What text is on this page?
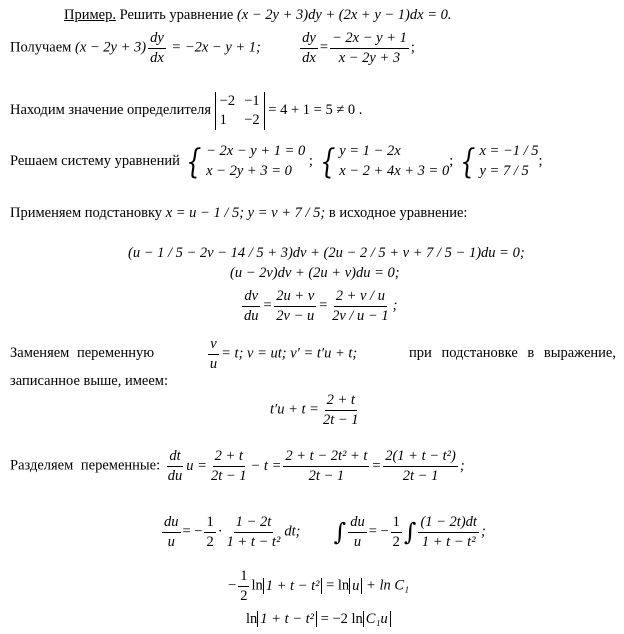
Пример. Решить уравнение (x − 2y + 3)dy + (2x + y − 1)dx = 0.
Получаем $(x - 2y + 3) \frac{dy}{dx} = -2x - y + 1$;	$\frac{dy}{dx} = \frac{- 2x - y + 1}{x - 2y + 3}$ ;
Находим значение определителя
−2 −1
1 −2
= 4 + 1 = 5 ≠ 0 .
Решаем систему уравнений { − 2x − y + 1 = 0
x − 2y + 3 = 0
; { y = 1 − 2x
x − 2 + 4x + 3 = 0
; { x = −1 / 5
y = 7 / 5
;
Применяем подстановку x = u − 1 / 5; y = v + 7 / 5; в исходное уравнение:
(u − 1 / 5 − 2v − 14 / 5 + 3)dv + (2u − 2 / 5 + v + 7 / 5 − 1)du = 0;
(u − 2v)dv + (2u + v)du = 0;
$\frac{dv}{du} = \frac{2u + v}{2v - u} = \frac{2 + v / u}{2v / u - 1}$ ;
Заменяем переменную	$\frac{v}{u} = t$; v = ut; v′ = t′u + t;	при подстановке в выражение,
записанное выше, имеем:
$t'u + t = \frac{2 + t}{2t - 1}$
Разделяем переменные: $\frac{dt}{du}$ $u = \frac{2 + t}{2t - 1} - t = \frac{\text{2 + t − 2t² + t}}{2t - 1} = \frac{\text{2(1 + t − t²)}}{2t - 1}$ ;
$\frac{du}{u}$ = − $\frac{1}{2} \cdot \frac{1 - 2t}{\text{1 + t − t²}}$ dt; ∫ $\frac{du}{u}$ = − $\frac{1}{2}$ ∫ $\frac{(1 - 2t)dt}{\text{1 + t − t²}}$ ;
− $\frac{1}{2}$ ln 1 + t − t² = ln u + ln C₁
ln 1 + t − t² = −2 ln C₁u
